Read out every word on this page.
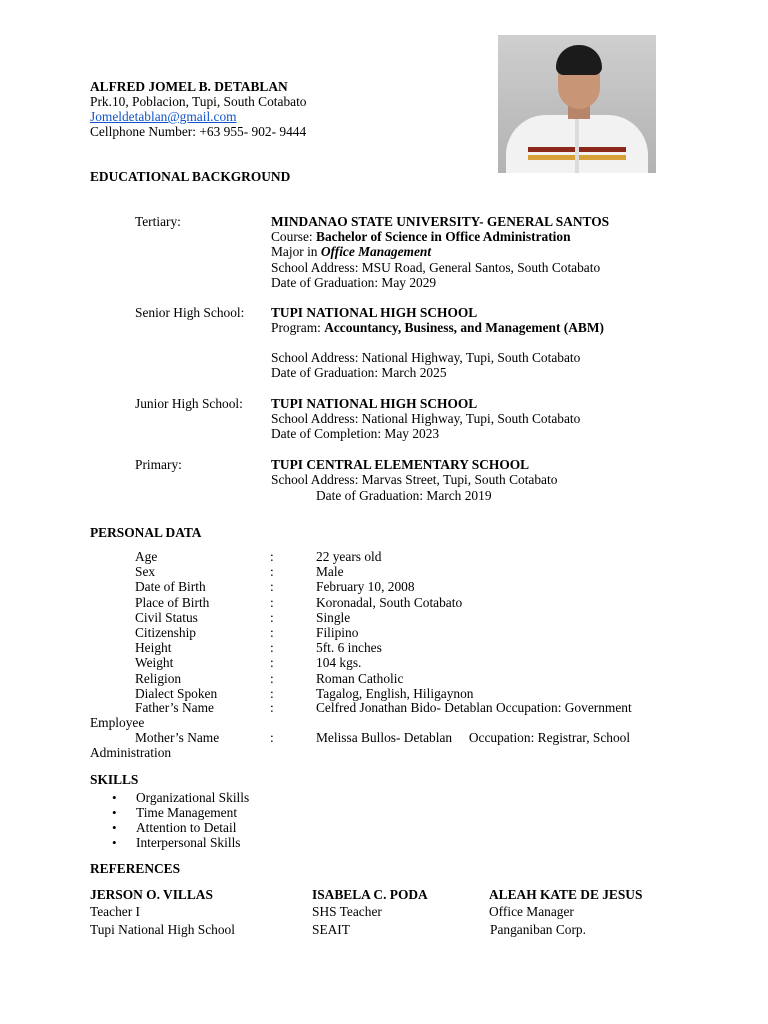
ALFRED JOMEL B. DETABLAN
Prk.10, Poblacion, Tupi, South Cotabato
Jomeldetablan@gmail.com
Cellphone Number: +63 955- 902- 9444
EDUCATIONAL BACKGROUND
Tertiary:	MINDANAO STATE UNIVERSITY- GENERAL SANTOS
Course: Bachelor of Science in Office Administration
Major in Office Management
School Address: MSU Road, General Santos, South Cotabato
Date of Graduation: May 2029
Senior High School: TUPI NATIONAL HIGH SCHOOL
Program: Accountancy, Business, and Management (ABM)
School Address: National Highway, Tupi, South Cotabato
Date of Graduation: March 2025
Junior High School: TUPI NATIONAL HIGH SCHOOL
School Address: National Highway, Tupi, South Cotabato
Date of Completion: May 2023
Primary:	TUPI CENTRAL ELEMENTARY SCHOOL
School Address: Marvas Street, Tupi, South Cotabato
Date of Graduation: March 2019
PERSONAL DATA
Age	:	22 years old
Sex	:	Male
Date of Birth	:	February 10, 2008
Place of Birth	:	Koronadal, South Cotabato
Civil Status	:	Single
Citizenship	:	Filipino
Height	:	5ft. 6 inches
Weight	:	104 kgs.
Religion	:	Roman Catholic
Dialect Spoken	:	Tagalog, English, Hiligaynon
Father’s Name	:	Celfred Jonathan Bido- Detablan Occupation: Government
Employee
Mother’s Name	:	Melissa Bullos- Detablan     Occupation: Registrar, School
Administration
SKILLS
• Organizational Skills
• Time Management
• Attention to Detail
• Interpersonal Skills
REFERENCES
JERSON O. VILLAS
Teacher I
Tupi National High School
ISABELA C. PODA
SHS Teacher
SEAIT
ALEAH KATE DE JESUS
Office Manager
Panganiban Corp.
